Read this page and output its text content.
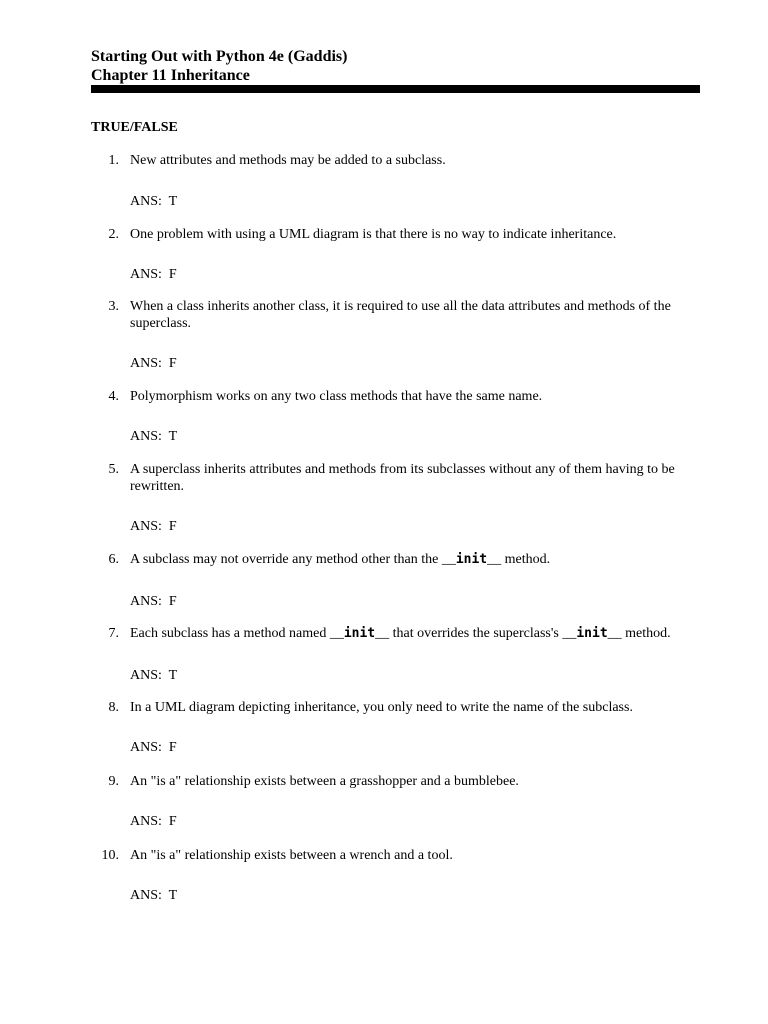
Starting Out with Python 4e (Gaddis)

Chapter 11 Inheritance

TRUE/FALSE

1. New attributes and methods may be added to a subclass.
ANS:  T
2. One problem with using a UML diagram is that there is no way to indicate inheritance.
ANS:  F
3. When a class inherits another class, it is required to use all the data attributes and methods of the
superclass.
ANS:  F
4. Polymorphism works on any two class methods that have the same name.
ANS:  T
5. A superclass inherits attributes and methods from its subclasses without any of them having to be
rewritten.
ANS:  F
6. A subclass may not override any method other than the __init__ method.
ANS:  F
7. Each subclass has a method named __init__ that overrides the superclass's __init__ method.
ANS:  T
8. In a UML diagram depicting inheritance, you only need to write the name of the subclass.
ANS:  F
9. An "is a" relationship exists between a grasshopper and a bumblebee.
ANS:  F
10. An "is a" relationship exists between a wrench and a tool.
ANS:  T
